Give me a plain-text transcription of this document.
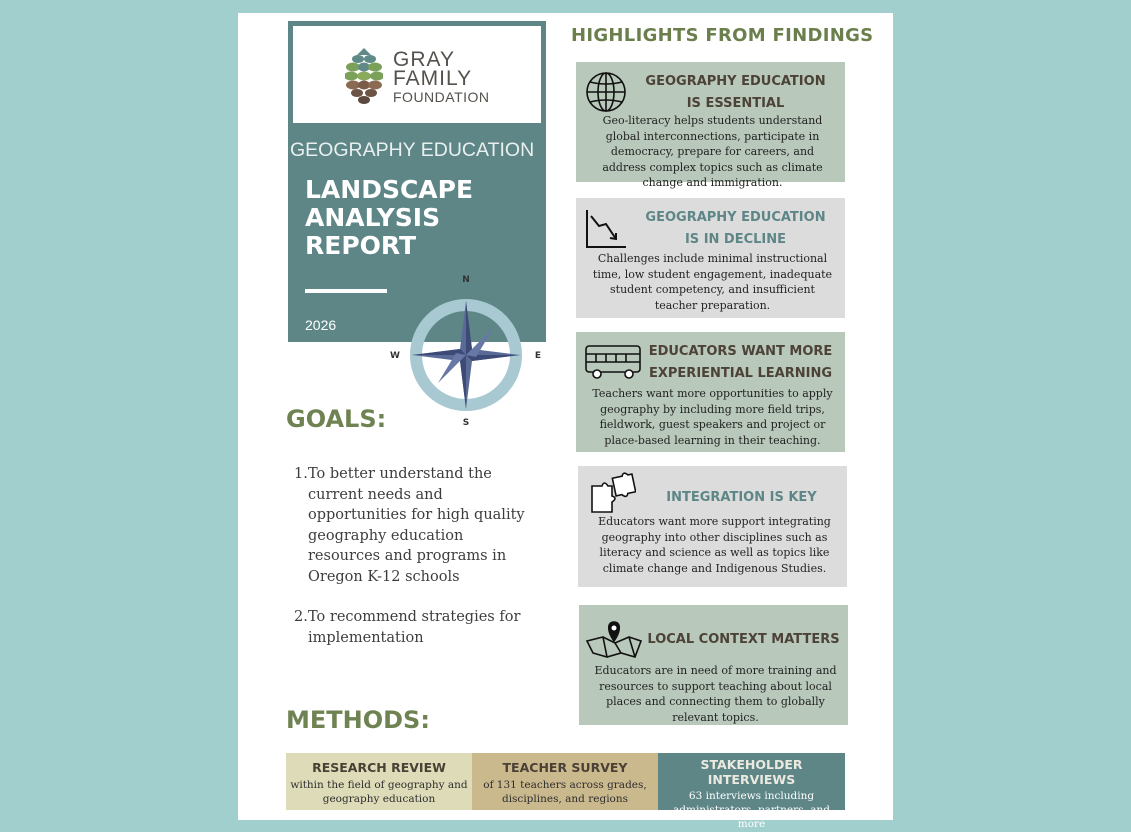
GRAY
FAMILY
FOUNDATION
GEOGRAPHY EDUCATION
LANDSCAPE
ANALYSIS
REPORT
2026
N
E
S
W
GOALS:
1. To better understand the current needs and opportunities for high quality geography education resources and programs in Oregon K-12 schools
2. To recommend strategies for implementation
METHODS:
RESEARCH REVIEW
within the field of geography and geography education
TEACHER SURVEY
of 131 teachers across grades, disciplines, and regions
STAKEHOLDER INTERVIEWS
63 interviews including administrators, partners, and more
HIGHLIGHTS FROM FINDINGS
GEOGRAPHY EDUCATION
IS ESSENTIAL
Geo-literacy helps students understand global interconnections, participate in democracy, prepare for careers, and address complex topics such as climate change and immigration.
GEOGRAPHY EDUCATION
IS IN DECLINE
Challenges include minimal instructional time, low student engagement, inadequate student competency, and insufficient teacher preparation.
EDUCATORS WANT MORE
EXPERIENTIAL LEARNING
Teachers want more opportunities to apply geography by including more field trips, fieldwork, guest speakers and project or place-based learning in their teaching.
INTEGRATION IS KEY
Educators want more support integrating geography into other disciplines such as literacy and science as well as topics like climate change and Indigenous Studies.
LOCAL CONTEXT MATTERS
Educators are in need of more training and resources to support teaching about local places and connecting them to globally relevant topics.
